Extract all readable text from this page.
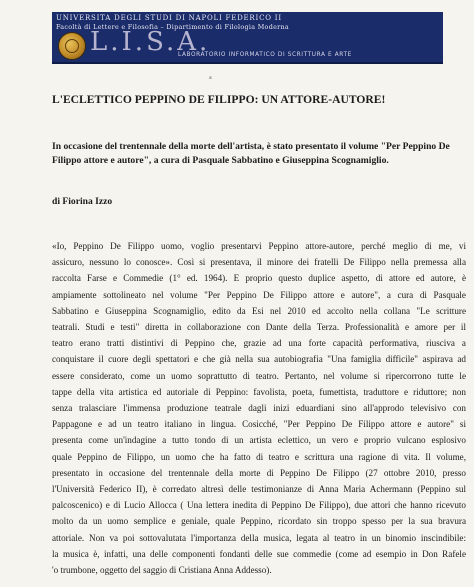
UNIVERSITA DEGLI STUDI DI NAPOLI FEDERICO II
Facoltà di Lettere e Filosofia – Dipartimento di Filologia Moderna
L.I.S.A.
LABORATORIO INFORMATICO DI SCRITTURA E ARTE
a
L'ECLETTICO PEPPINO DE FILIPPO: UN ATTORE-AUTORE!
In occasione del trentennale della morte dell'artista, è stato presentato il volume "Per Peppino De Filippo attore e autore", a cura di Pasquale Sabbatino e Giuseppina Scognamiglio.
di Fiorina Izzo
«Io, Peppino De Filippo uomo, voglio presentarvi Peppino attore-autore, perché meglio di me, vi
assicuro, nessuno lo conosce». Così si presentava, il minore dei fratelli De Filippo nella premessa alla
raccolta Farse e Commedie (1° ed. 1964). E proprio questo duplice aspetto, di attore ed autore, è
ampiamente sottolineato nel volume "Per Peppino De Filippo attore e autore", a cura di Pasquale
Sabbatino e Giuseppina Scognamiglio, edito da Esi nel 2010 ed accolto nella collana "Le scritture
teatrali. Studi e testi" diretta in collaborazione con Dante della Terza. Professionalità e amore per il
teatro erano tratti distintivi di Peppino che, grazie ad una forte capacità performativa, riusciva a
conquistare il cuore degli spettatori e che già nella sua autobiografia "Una famiglia difficile" aspirava ad
essere considerato, come un uomo soprattutto di teatro. Pertanto, nel volume si ripercorrono tutte le
tappe della vita artistica ed autoriale di Peppino: favolista, poeta, fumettista, traduttore e riduttore; non
senza tralasciare l'immensa produzione teatrale dagli inizi eduardiani sino all'approdo televisivo con
Pappagone e ad un teatro italiano in lingua. Cosicché, "Per Peppino De Filippo attore e autore" si
presenta come un'indagine a tutto tondo di un artista eclettico, un vero e proprio vulcano esplosivo
quale Peppino de Filippo, un uomo che ha fatto di teatro e scrittura una ragione di vita. Il volume,
presentato in occasione del trentennale della morte di Peppino De Filippo (27 ottobre 2010, presso
l'Università Federico II), è corredato altresì delle testimonianze di Anna Maria Achermann (Peppino sul
palcoscenico) e di Lucio Allocca ( Una lettera inedita di Peppino De Filippo), due attori che hanno ricevuto
molto da un uomo semplice e geniale, quale Peppino, ricordato sin troppo spesso per la sua bravura
attoriale. Non va poi sottovalutata l'importanza della musica, legata al teatro in un binomio inscindibile:
la musica è, infatti, una delle componenti fondanti delle sue commedie (come ad esempio in Don Rafele
'o trumbone, oggetto del saggio di Cristiana Anna Addesso).
